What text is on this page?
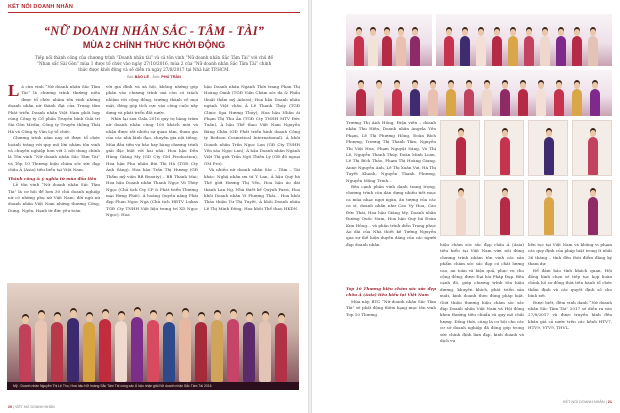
KẾT NỐI DOANH NHÂN
“NỮ DOANH NHÂN SẮC - TÂM - TÀI”
MÙA 2 CHÍNH THỨC KHỞI ĐỘNG
Tiếp nối thành công của chương trình “Doanh nhân tài” và cả tôn vinh “Nữ doanh nhân Sắc Tâm Tài” với chủ đề “Nhan sắc Sài Gòn” mùa 1 được tổ chức vào ngày 27/10/2016, mùa 2 của “Nữ doanh nhân Sắc Tâm Tài” chính thức được khởi động và sẽ diễn ra ngày 27/8/2017 tại Nhà hát TP.HCM.
Bài: BẢO LÊ - Ảnh: PHÚ TRẦN

Là cùn vinh “Nữ doanh nhân Sắc Tâm Tài” là chương trình thường niên được tổ chức nhằm tôn vinh những doanh nhân nữ thành đạt của Trung tâm Phát triển Doanh nhân Việt Nam phối hợp cùng Công ty Cổ phần Truyền hình Giải trí Sài Gòn Media, Công ty Truyền thông Thái Hà và Công ty Văn Lý tổ chức.

Chương trình năm nay sẽ được tổ chức hoành tráng với quy mô lớn nhằm tôn vinh và chuyên nghiệp hơn với 2 nội dung chính là Tôn vinh “Nữ doanh nhân Sắc Tâm Tài” và Tôp 10 Thương hiệu chăm sóc sức đẹp châu Á (Asia) tiêu biểu tại Việt Nam.

Thành công & ý nghĩa từ mùa đầu tiên

Lễ tôn vinh “Nữ doanh nhân Sắc Tâm Tài” là cơ hội để hơn 30 chủ doanh nghiệp nữ có những phụ nữ Việt Nam, đời ngũ nữ doanh nhân Việt Nam những thương Công, Dung, Ngôn, Hạnh từ đức yêu toàn

với gia đình và xã hội, không những góp phần vào chương trình mà còn có trách nhiệm với cộng đồng, trường thành về mọi mặt, đóng góp tích cực vào công cuộc xây dựng và phát triển đất nước.

Nhìn lại sau Gala 2016 quy tụ hàng trăm nữ doanh nhân cùng 100 khách mời và nhận được rất nhiều sự quan tâm, tham gia của các nhà lãnh đạo, chuyên gia nội tiếng. Mùa đầu tiên vụ báo hay hàng chương trình giải đặc biệt với hai nhà: Hoa hậu Đền Hùng Giáng My (GD Cty GM Production), Hoa hậu Phu nhân Bùi Thị Hà (TGĐ Cty Ánh Sáng), Hoa hậu Trần Thị Hương (GĐ Thẩm mỹ viện BB Beauty) – BB Thanh Mai; Hoa hậu Doanh nhân Thanh Ngọc Võ Thùy Ngọc (Chủ tịch Cty CP & Phát triển Thương mại Hưng Phát). Á hoàng Quyền năng Phái đẹp Phan Ngọc Ngà (Chủ tịch HĐTV Lukas TGĐ Cty TNHH Việt liệu trung trí XD Ngọc Ngọc), Hoa

hậu Doanh nhân Ngành Thời trang Phan Thị Hoàng Oanh (TGĐ Viện Chăm sóc da & Phẩu thuật thẩm mỹ Adora); Hoa hậu Doanh nhân ngành Việt châu Á Lê Thanh Thủy (TGĐ Clinic Spa Hương Thủy); Hoa hậu Nhân ái Phạm Thị Thu Ân (TGĐ Cty TNHH MTV Đức Tuấn), Á hậu Thể thao Việt Nam Nguyễn Băng Châu (GĐ Phát triển kinh doanh Công ty Redson Cosmetical International). Á khôi Doanh nhân Trần Ngọc Lan (GĐ Cty TNHH Yến sào Ngọc Lan); Á hậu Doanh nhân Ngành Việt Thị giới Trần Ngô Thiên Lý (GĐ đồ ngoại GM Pro).

Và nhiều nữ doanh nhân Sắc – Tâm – Tài khác: Nghệ nhân ưu tú Y Lan, Á hậu Quý bà Thế giới Hương Thị Yến, Hoa hậu áo dài thành Lan Ng. Nhà thiết kế Quỳnh Paris, Hoa khôi Doanh nhân Vi Phượng Thái... Hoa khôi Thảo thiện Tư Thị Tuyết, Á khôi Doanh nhân Lê Thị Minh Đông, Hoa khôi Thể thao HKDN

Mỹ - Doanh nhân Nguyễn Thị Lệ Thu, Hoa hậu Nữ hoàng Sắc Tâm Tài cùng các Á hậu nhận giải Nữ doanh nhân Sắc Tâm Tài 2016
20 | VIỆT NỮ DOANH NHÂN

Trương Thị Anh Hồng, Điện viên – doanh nhân Thu Hiên, Doanh nhân Angela Yến Phạm, Lê Thị Phương Hồng, Đoàn Bích Phượng, Trương Thị Thanh Tâm, Nguyễn Thị Việt Hoa, Phạm Nguyệt Sáng, Võ Thị Lê, Nguyễn Thanh Thúy, Đoàn Minh Loan, Lê Thị Bích Thảo, Phạm Thị Hoàng Giang, Anne Nguyễn Anh, Lê Thị Xuân Vui, Hà Thị Tuyết Khanh, Nguyễn Thanh Phương, Nguyễn Mộng Trinh...

Bên cạnh phần vinh danh trang trọng, chương trình còn dàn dựng nhiều tiết mục ca múa nhạc ngợi ngàn, ấn tượng của các ca sĩ, doanh nhân như Cao Vy Hoa, Cao Đức Thái, Hoa hậu Giáng My, Doanh nhân Đường Quốc Nam, Hoa hậu Quý bà Đoàn Kim Hồng... và phần trình diễn Trang phục Áo dài của Nhà thiết kế Tường Nguyễn qua sự thể hiện duyên dáng của các người đẹp doanh nhân.

Top 10 Thương hiệu chăm sóc sức đẹp châu Á (Asia) tiêu biểu tại Việt Nam

Mùa này, BTC “Nữ doanh nhân Sắc Tâm Tài” sẽ phát động thêm hạng mục tôn vinh Top 10 Thương

hiệu chăm sóc sắc đẹp châu Á (Asia) tiêu biểu tại Việt Nam vừa nối đúng chương trình nhằm tôn vinh các sản phẩm chăm sóc sắc đẹp có chất lượng cao, an toàn và hiệu quả, phục vụ cho cộng đồng, được Đại hỏi Pháp Đẹp. Bên cạnh đó, giúp chương trình tôn hiệu dương, khuyến khích, phát triển sản xuất, kinh doanh theo đúng pháp luật. Giới thiệu thương hiệu chăm sóc sắc đẹp Doanh nhân Việt Nam và Hội đồng khen thưởng tiêu chuẩn và quy mô chất lượng. Đồng thời, cũng là cơ hội cho các cơ sở doanh nghiệp đã đóng góp trong sức chinh định làm đẹp, kinh doanh và dịch vụ

liên tục tại Việt Nam và không vi phạm các quy định của pháp luật trong ít nhất 36 tháng – tính đến thời điểm đăng ký tham dự.

Để đảm bảo tính khách quan, Hội đồng bình chọn sẽ tiếp tục họp hoàn chỉnh hồ sơ đồng thời tiến hành tổ chức thẩm định và các quyết định số cho bình xét.

Được biết, đêm vinh danh “Nữ doanh nhân Sắc Tâm Tài” 2017 sẽ diễn ra vào 27/8/2017 và được truyền hình đến khán giả cả nước trên các kênh HTV7, HTV9, VTV9, THVL.

KẾT NỐI DOANH NHÂN | 21
